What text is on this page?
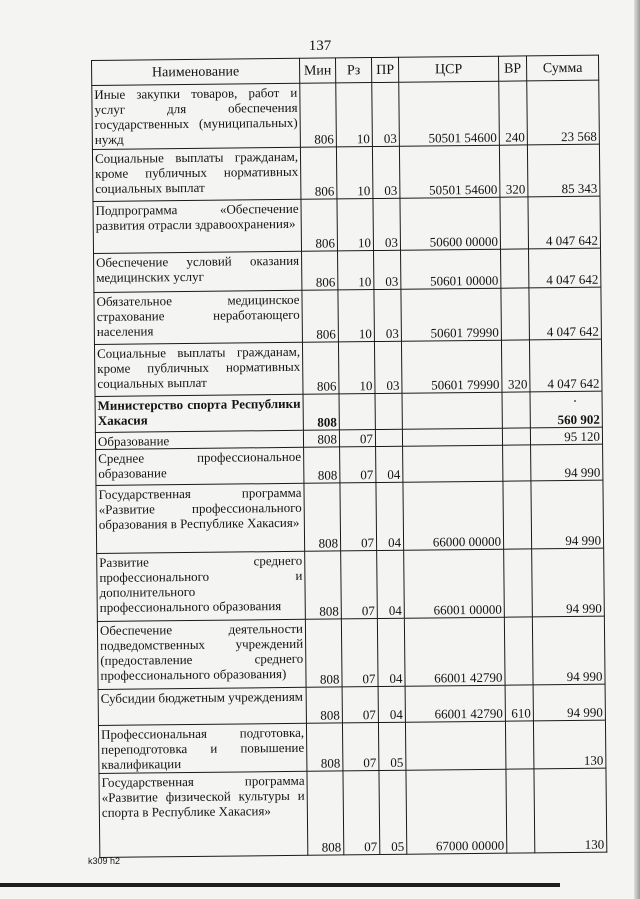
137
Наименование	Мин	Рз	ПР	ЦСР	ВР	Сумма
Иные закупки товаров, работ и услуг для обеспечения государственных (муниципальных) нужд	806	10	03	50501 54600	240	23 568
Социальные выплаты гражданам, кроме публичных нормативных социальных выплат	806	10	03	50501 54600	320	85 343
Подпрограмма «Обеспечение развития отрасли здравоохранения»	806	10	03	50600 00000		4 047 642
Обеспечение условий оказания медицинских услуг	806	10	03	50601 00000		4 047 642
Обязательное медицинское страхование неработающего населения	806	10	03	50601 79990		4 047 642
Социальные выплаты гражданам, кроме публичных нормативных социальных выплат	806	10	03	50601 79990	320	4 047 642
Министерство спорта Республики Хакасия	808					560 902
Образование	808	07				95 120
Среднее профессиональное образование	808	07	04			94 990
Государственная программа «Развитие профессионального образования в Республике Хакасия»	808	07	04	66000 00000		94 990
Развитие среднего профессионального и дополнительного профессионального образования	808	07	04	66001 00000		94 990
Обеспечение деятельности подведомственных учреждений (предоставление среднего профессионального образования)	808	07	04	66001 42790		94 990
Субсидии бюджетным учреждениям	808	07	04	66001 42790	610	94 990
Профессиональная подготовка, переподготовка и повышение квалификации	808	07	05			130
Государственная программа «Развитие физической культуры и спорта в Республике Хакасия»	808	07	05	67000 00000		130
k309 h2
